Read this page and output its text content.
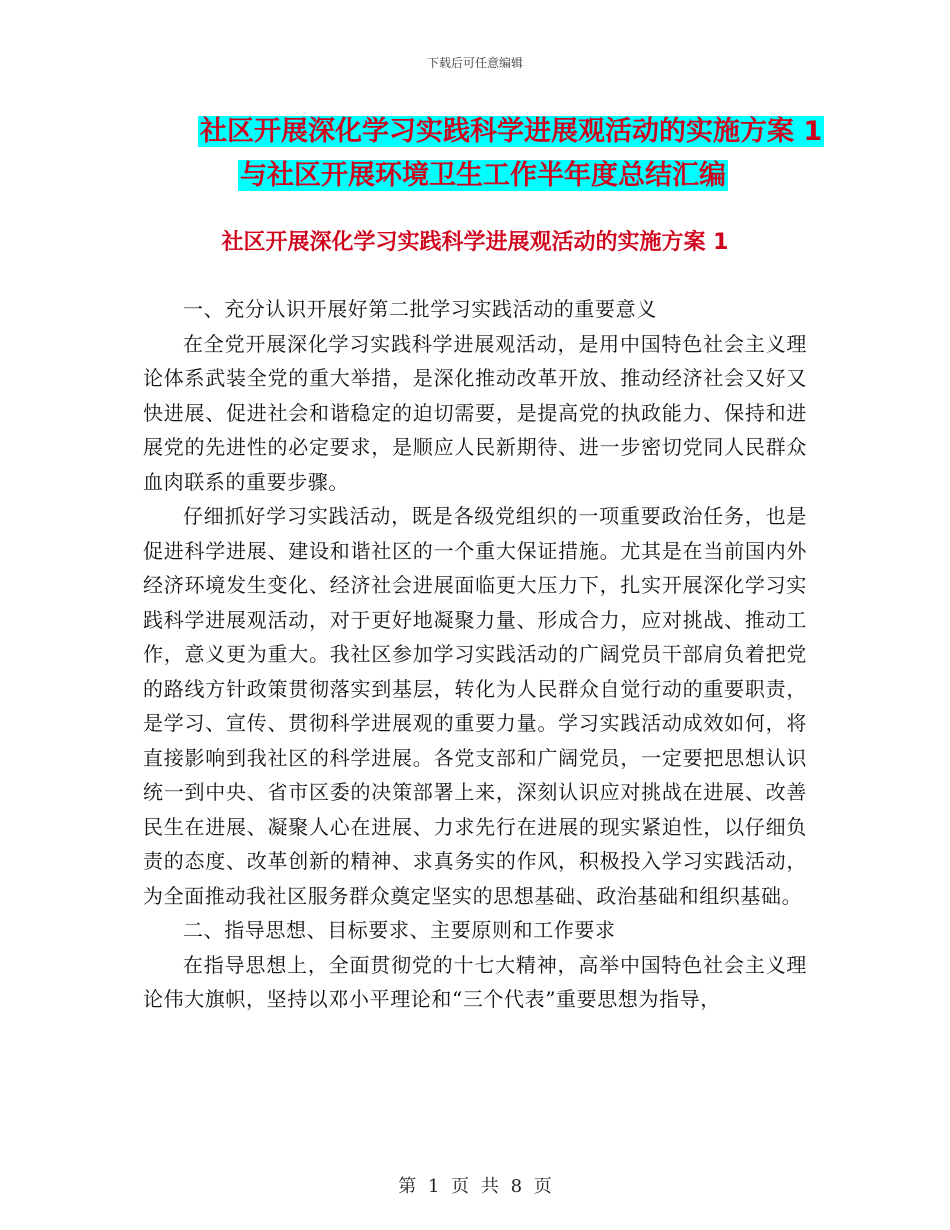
下载后可任意编辑
社区开展深化学习实践科学进展观活动的实施方案 1
与社区开展环境卫生工作半年度总结汇编
社区开展深化学习实践科学进展观活动的实施方案 1

一、充分认识开展好第二批学习实践活动的重要意义

在全党开展深化学习实践科学进展观活动，是用中国特色社会主义理论体系武装全党的重大举措，是深化推动改革开放、推动经济社会又好又快进展、促进社会和谐稳定的迫切需要，是提高党的执政能力、保持和进展党的先进性的必定要求，是顺应人民新期待、进一步密切党同人民群众血肉联系的重要步骤。

仔细抓好学习实践活动，既是各级党组织的一项重要政治任务，也是促进科学进展、建设和谐社区的一个重大保证措施。尤其是在当前国内外经济环境发生变化、经济社会进展面临更大压力下，扎实开展深化学习实践科学进展观活动，对于更好地凝聚力量、形成合力，应对挑战、推动工作，意义更为重大。我社区参加学习实践活动的广阔党员干部肩负着把党的路线方针政策贯彻落实到基层，转化为人民群众自觉行动的重要职责，是学习、宣传、贯彻科学进展观的重要力量。学习实践活动成效如何，将直接影响到我社区的科学进展。各党支部和广阔党员，一定要把思想认识统一到中央、省市区委的决策部署上来，深刻认识应对挑战在进展、改善民生在进展、凝聚人心在进展、力求先行在进展的现实紧迫性，以仔细负责的态度、改革创新的精神、求真务实的作风，积极投入学习实践活动，为全面推动我社区服务群众奠定坚实的思想基础、政治基础和组织基础。

二、指导思想、目标要求、主要原则和工作要求

在指导思想上，全面贯彻党的十七大精神，高举中国特色社会主义理论伟大旗帜，坚持以邓小平理论和“三个代表”重要思想为指导，

第 1 页 共 8 页
